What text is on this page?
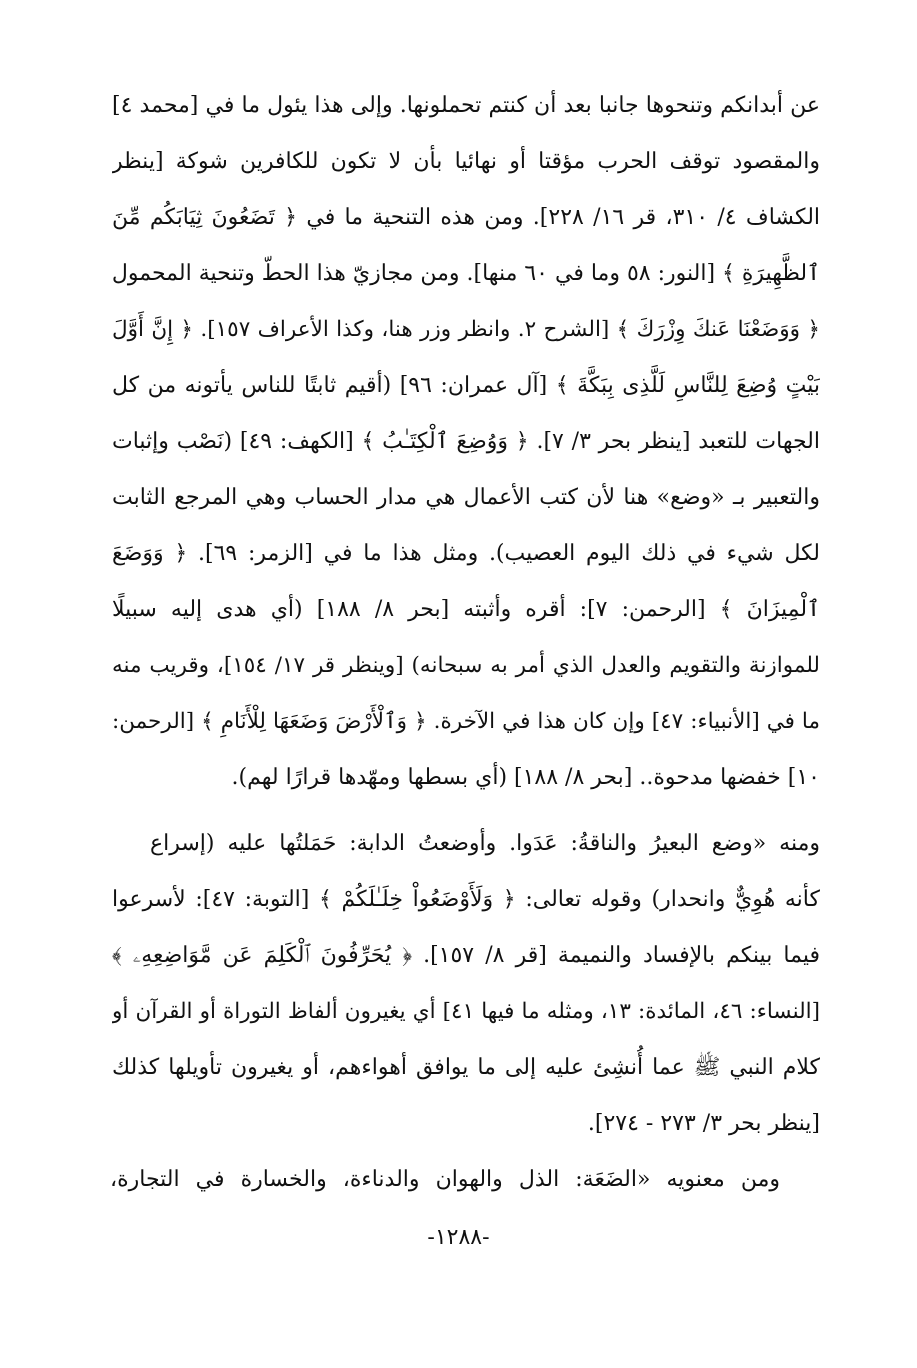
عن أبدانكم وتنحوها جانبا بعد أن كنتم تحملونها. وإلى هذا يئول ما في [محمد ٤]
والمقصود توقف الحرب مؤقتا أو نهائيا بأن لا تكون للكافرين شوكة [ينظر
الكشاف ٤/ ٣١٠، قر ١٦/ ٢٢٨]. ومن هذه التنحية ما في ﴿ تَضَعُونَ ثِيَابَكُم مِّنَ
ٱلظَّهِيرَةِ ﴾ [النور: ٥٨ وما في ٦٠ منها]. ومن مجازيّ هذا الحطّ وتنحية المحمول
﴿ وَوَضَعْنَا عَنكَ وِزْرَكَ ﴾ [الشرح ٢. وانظر وزر هنا، وكذا الأعراف ١٥٧]. ﴿ إِنَّ أَوَّلَ
بَيْتٍ وُضِعَ لِلنَّاسِ لَلَّذِى بِبَكَّةَ ﴾ [آل عمران: ٩٦] (أقيم ثابتًا للناس يأتونه من كل
الجهات للتعبد [ينظر بحر ٣/ ٧]. ﴿ وَوُضِعَ ٱلْكِتَـٰبُ ﴾ [الكهف: ٤٩] (نَصْب وإثبات
والتعبير بـ «وضع» هنا لأن كتب الأعمال هي مدار الحساب وهي المرجع الثابت
لكل شيء في ذلك اليوم العصيب). ومثل هذا ما في [الزمر: ٦٩]. ﴿ وَوَضَعَ
ٱلْمِيزَانَ ﴾ [الرحمن: ٧]: أقره وأثبته [بحر ٨/ ١٨٨] (أي هدى إليه سبيلًا
للموازنة والتقويم والعدل الذي أمر به سبحانه) [وينظر قر ١٧/ ١٥٤]، وقريب منه
ما في [الأنبياء: ٤٧] وإن كان هذا في الآخرة. ﴿ وَٱلْأَرْضَ وَضَعَهَا لِلْأَنَامِ ﴾ [الرحمن:
١٠] خفضها مدحوة.. [بحر ٨/ ١٨٨] (أي بسطها ومهّدها قرارًا لهم).
ومنه «وضع البعيرُ والناقةُ: عَدَوا. وأوضعتُ الدابة: حَمَلتُها عليه (إسراع
كأنه هُوِيٌّ وانحدار) وقوله تعالى: ﴿ وَلَأَوْضَعُواْ خِلَـٰلَكُمْ ﴾ [التوبة: ٤٧]: لأسرعوا
فيما بينكم بالإفساد والنميمة [قر ٨/ ١٥٧]. ﴿ يُحَرِّفُونَ ٱلْكَلِمَ عَن مَّوَاضِعِهِۦ ﴾
[النساء: ٤٦، المائدة: ١٣، ومثله ما فيها ٤١] أي يغيرون ألفاظ التوراة أو القرآن أو
كلام النبي ﷺ عما أُنشِئ عليه إلى ما يوافق أهواءهم، أو يغيرون تأويلها كذلك
[ينظر بحر ٣/ ٢٧٣ - ٢٧٤].
ومن معنويه «الضَعَة: الذل والهوان والدناءة، والخسارة في التجارة،
-١٢٨٨-
